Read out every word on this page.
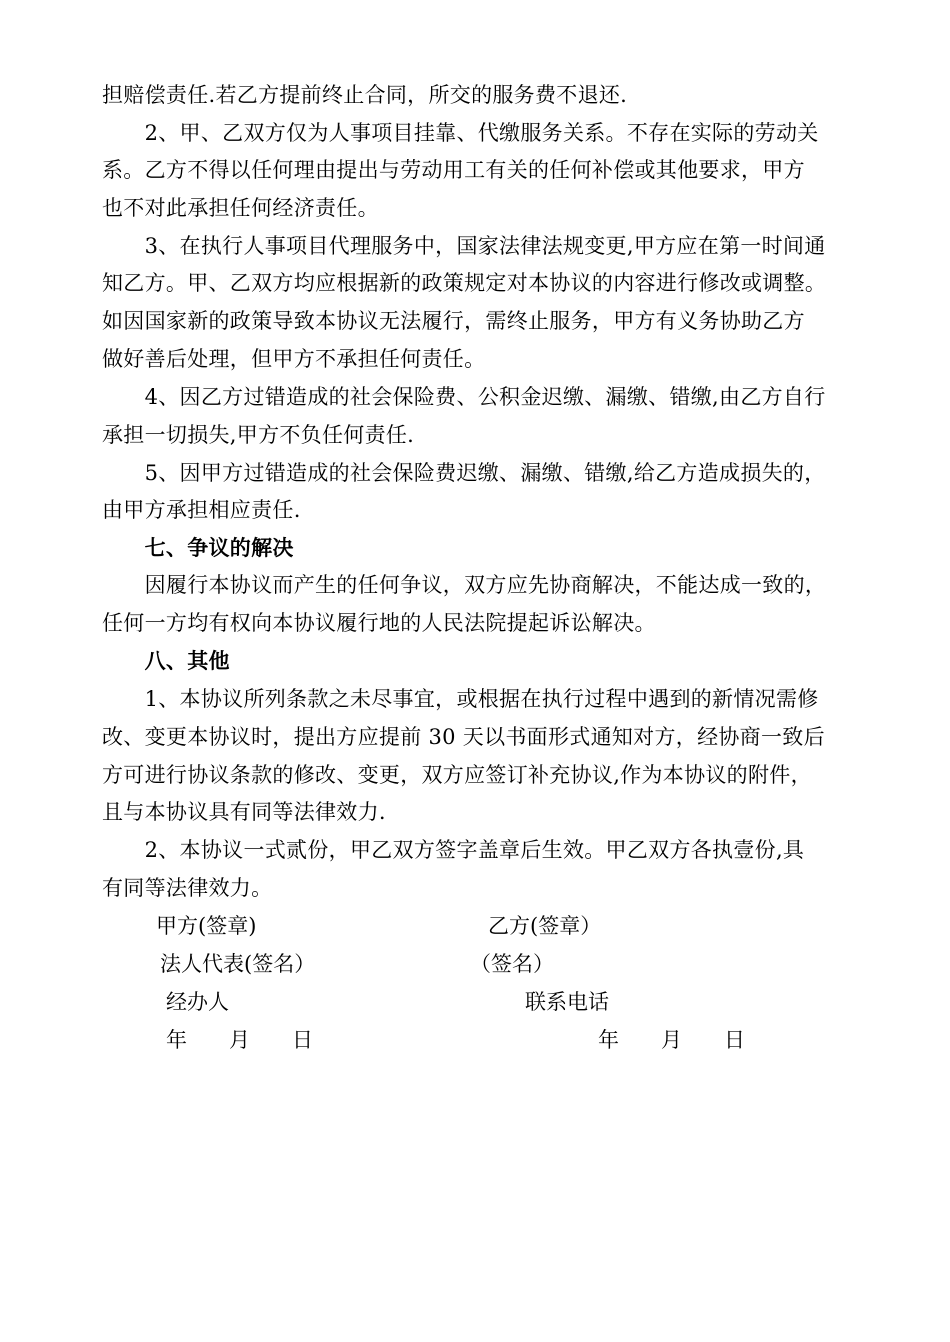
担赔偿责任.若乙方提前终止合同，所交的服务费不退还.
　　2、甲、乙双方仅为人事项目挂靠、代缴服务关系。不存在实际的劳动关
系。乙方不得以任何理由提出与劳动用工有关的任何补偿或其他要求，甲方
也不对此承担任何经济责任。
　　3、在执行人事项目代理服务中，国家法律法规变更,甲方应在第一时间通
知乙方。甲、乙双方均应根据新的政策规定对本协议的内容进行修改或调整。
如因国家新的政策导致本协议无法履行，需终止服务，甲方有义务协助乙方
做好善后处理，但甲方不承担任何责任。
　　4、因乙方过错造成的社会保险费、公积金迟缴、漏缴、错缴,由乙方自行
承担一切损失,甲方不负任何责任.
　　5、因甲方过错造成的社会保险费迟缴、漏缴、错缴,给乙方造成损失的，
由甲方承担相应责任.
　　七、争议的解决
　　因履行本协议而产生的任何争议，双方应先协商解决，不能达成一致的，
任何一方均有权向本协议履行地的人民法院提起诉讼解决。
　　八、其他
　　1、本协议所列条款之未尽事宜，或根据在执行过程中遇到的新情况需修
改、变更本协议时，提出方应提前 30 天以书面形式通知对方，经协商一致后
方可进行协议条款的修改、变更，双方应签订补充协议,作为本协议的附件，
且与本协议具有同等法律效力.
　　2、本协议一式贰份，甲乙双方签字盖章后生效。甲乙双方各执壹份,具
有同等法律效力。
甲方(签章)	乙方(签章）
法人代表(签名）	（签名）
经办人	联系电话
年　　月　　日	年　　月　　日
